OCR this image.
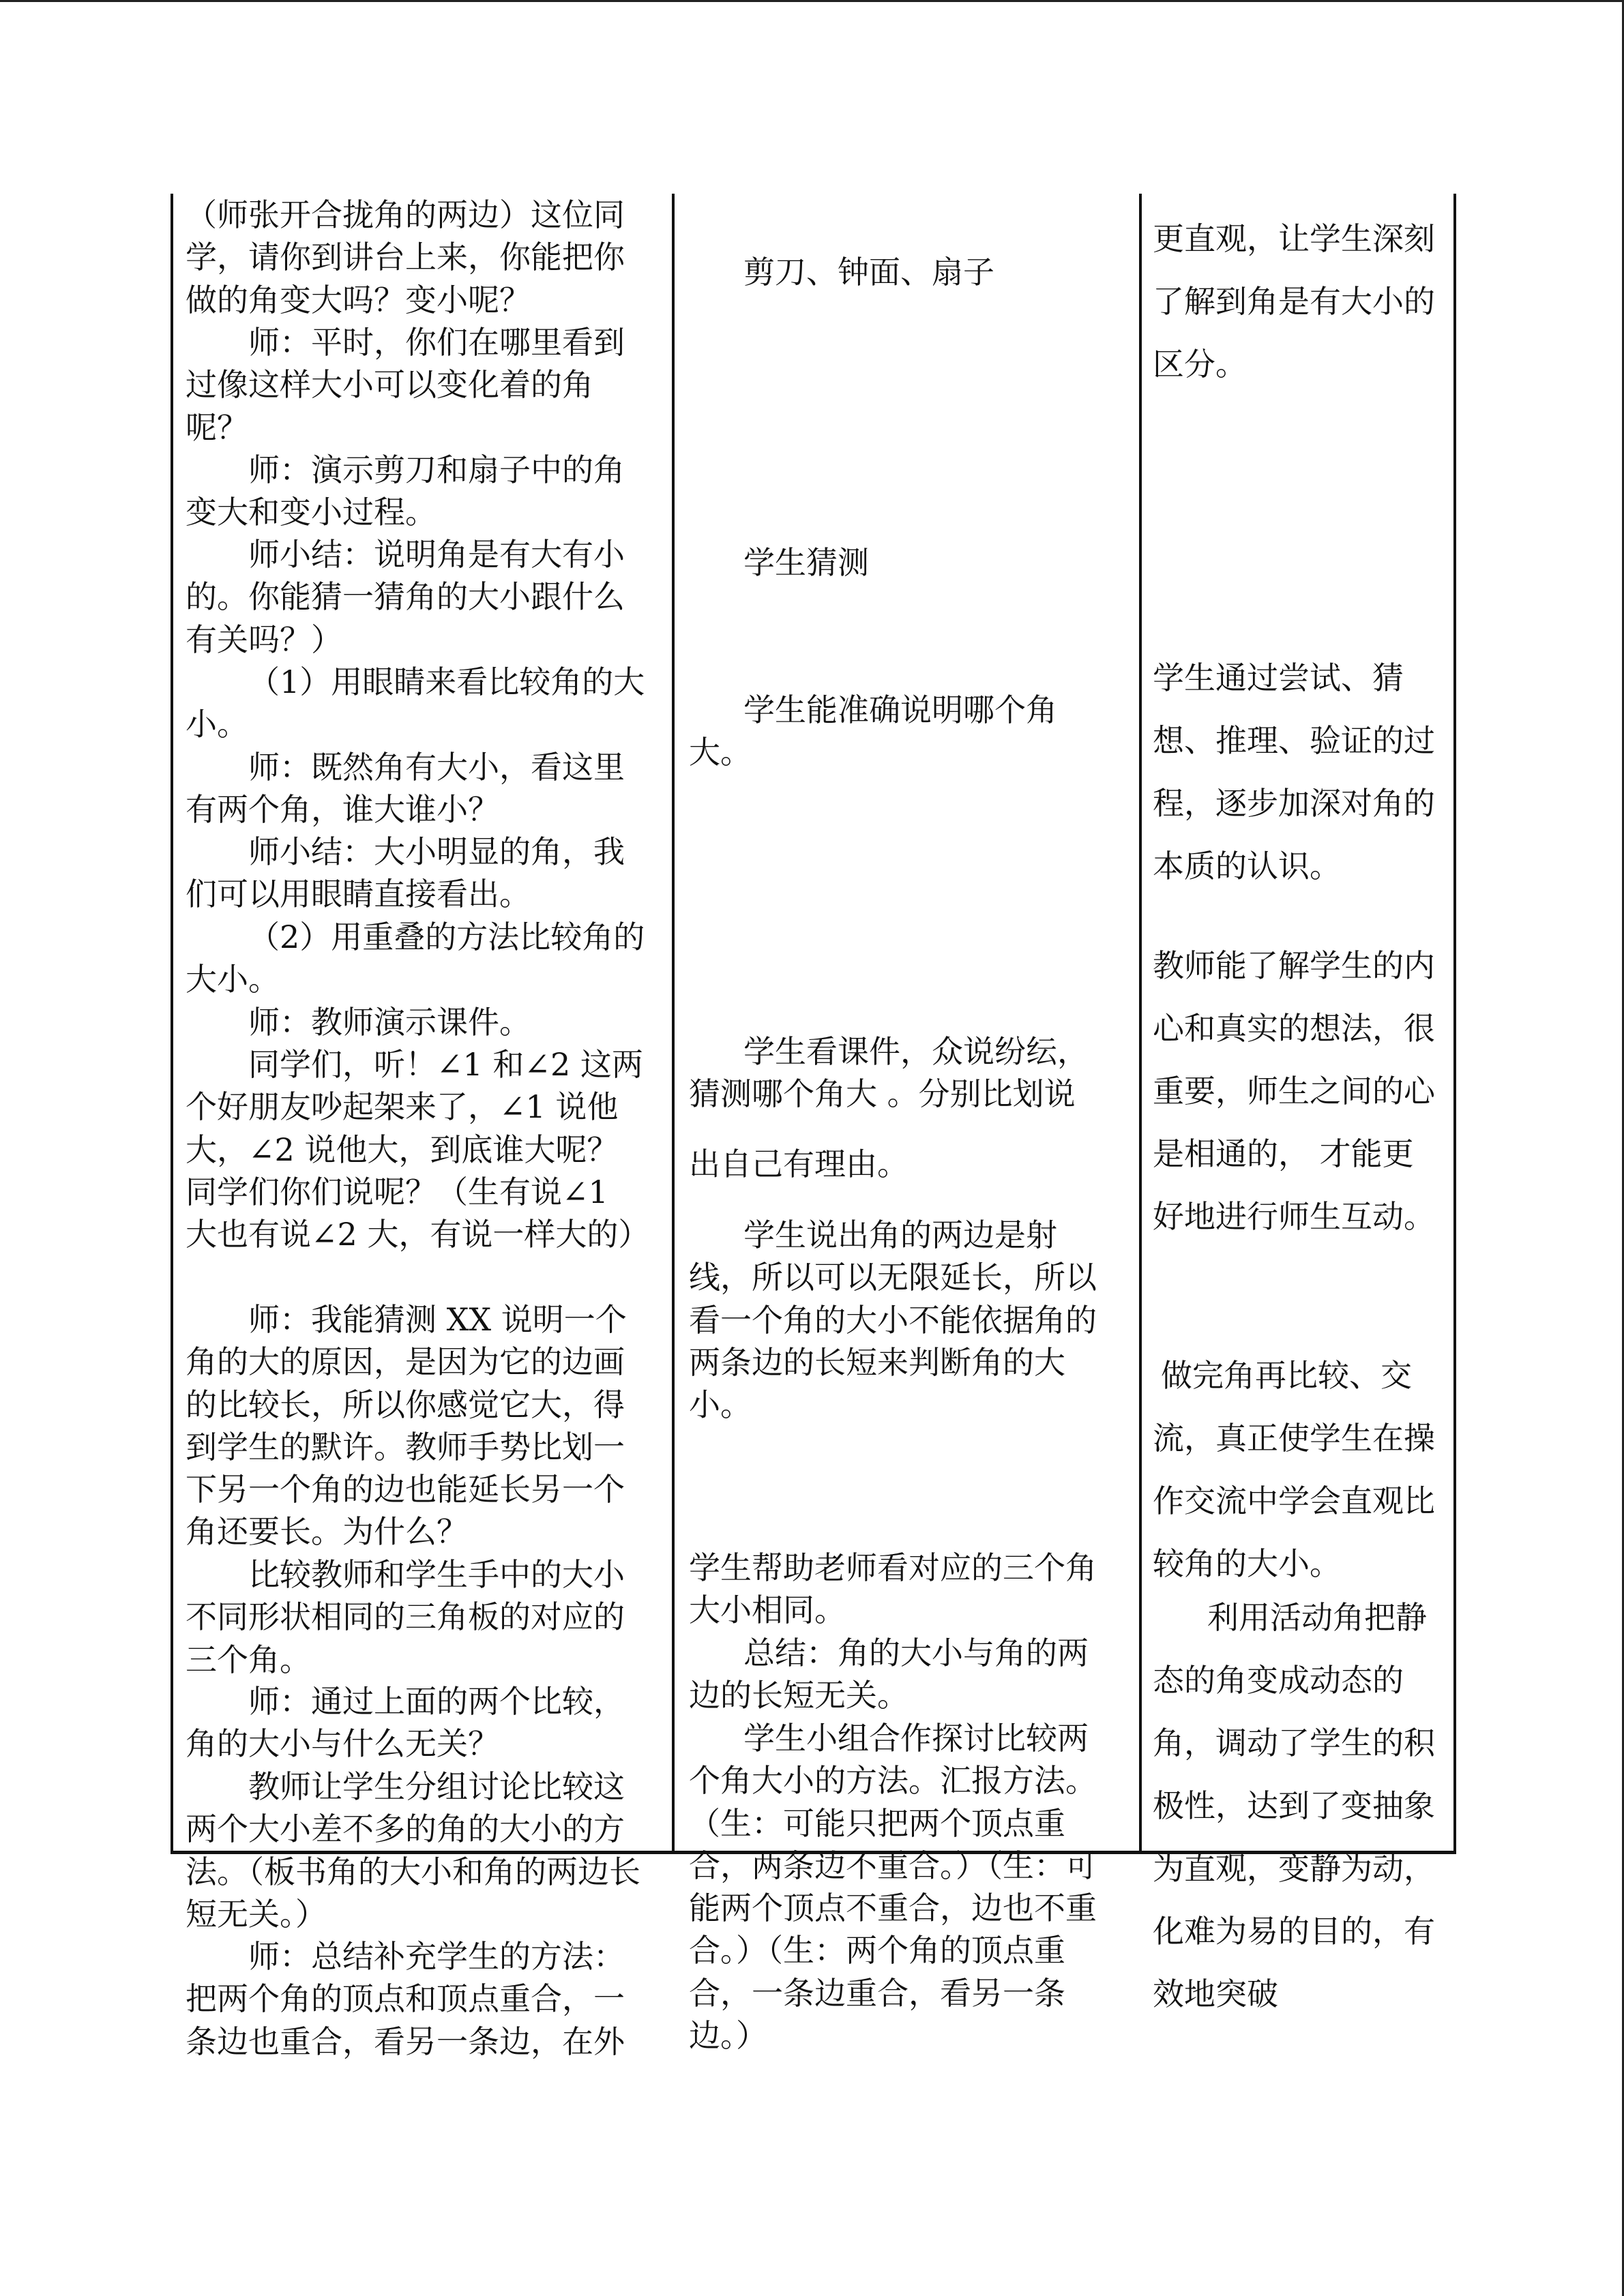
（师张开合拢角的两边）这位同学，请你到讲台上来，你能把你做的角变大吗？变小呢？

师：平时，你们在哪里看到过像这样大小可以变化着的角呢？

师：演示剪刀和扇子中的角变大和变小过程。

师小结：说明角是有大有小的。你能猜一猜角的大小跟什么有关吗？）

（1）用眼睛来看比较角的大小。

师：既然角有大小，看这里有两个角，谁大谁小？

师小结：大小明显的角，我们可以用眼睛直接看出。

（2）用重叠的方法比较角的大小。

师：教师演示课件。

同学们，听！∠1 和∠2 这两个好朋友吵起架来了，∠1 说他大，∠2 说他大，到底谁大呢？同学们你们说呢？（生有说∠1 大也有说∠2 大，有说一样大的）

师：我能猜测 XX 说明一个角的大的原因，是因为它的边画的比较长，所以你感觉它大，得到学生的默许。教师手势比划一下另一个角的边也能延长另一个角还要长。为什么？

比较教师和学生手中的大小不同形状相同的三角板的对应的三个角。

师：通过上面的两个比较，角的大小与什么无关？

教师让学生分组讨论比较这两个大小差不多的角的大小的方法。（板书角的大小和角的两边长短无关。）

师：总结补充学生的方法：把两个角的顶点和顶点重合，一条边也重合，看另一条边，在外

剪刀、钟面、扇子

学生猜测

学生能准确说明哪个角大。

学生看课件，众说纷纭，猜测哪个角大 。分别比划说

出自己有理由。

学生说出角的两边是射线，所以可以无限延长，所以看一个角的大小不能依据角的两条边的长短来判断角的大小。

学生帮助老师看对应的三个角大小相同。

总结：角的大小与角的两边的长短无关。

学生小组合作探讨比较两个角大小的方法。汇报方法。（生：可能只把两个顶点重合，两条边不重合。）（生：可能两个顶点不重合，边也不重合。）（生：两个角的顶点重合，一条边重合，看另一条边。）

更直观，让学生深刻了解到角是有大小的区分。

学生通过尝试、猜想、推理、验证的过程，逐步加深对角的本质的认识。

教师能了解学生的内心和真实的想法，很重要，师生之间的心是相通的， 才能更好地进行师生互动。

做完角再比较、交流，真正使学生在操作交流中学会直观比较角的大小。

利用活动角把静态的角变成动态的角，调动了学生的积极性，达到了变抽象为直观，变静为动，化难为易的目的，有效地突破
